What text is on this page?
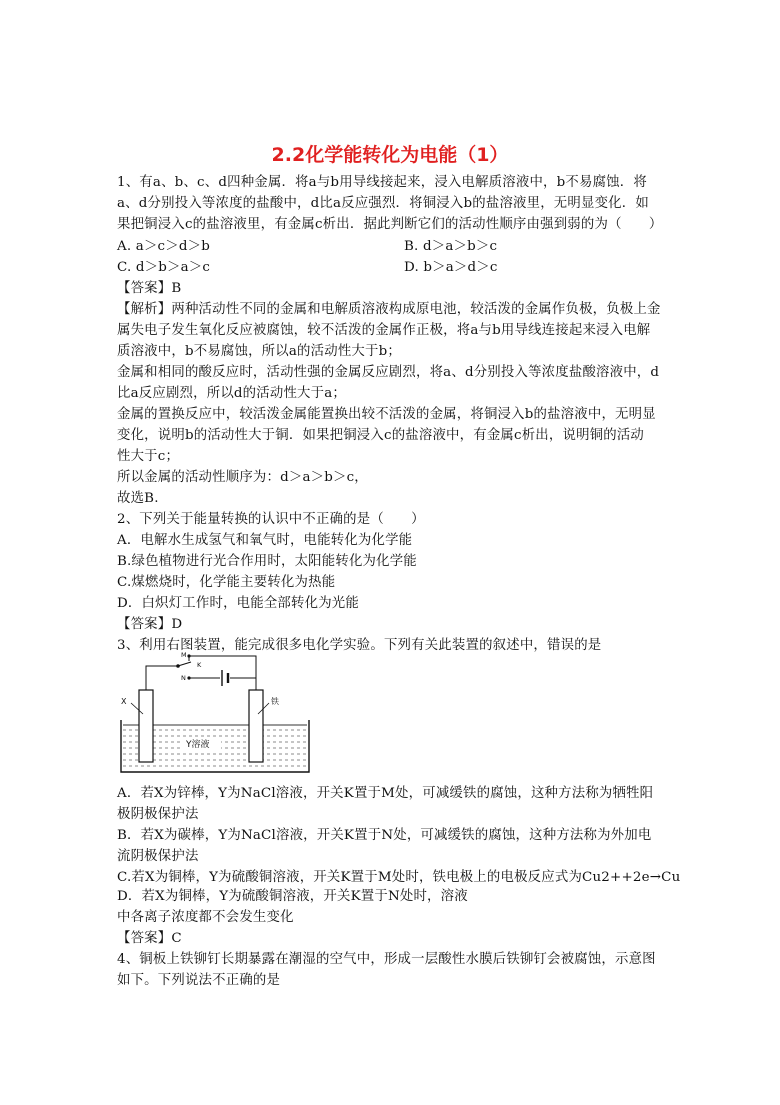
2.2化学能转化为电能（1）
1、有a、b、c、d四种金属．将a与b用导线接起来，浸入电解质溶液中，b不易腐蚀．将
a、d分别投入等浓度的盐酸中，d比a反应强烈．将铜浸入b的盐溶液里，无明显变化．如
果把铜浸入c的盐溶液里，有金属c析出．据此判断它们的活动性顺序由强到弱的为（　　）
A. a＞c＞d＞b	B. d＞a＞b＞c
C. d＞b＞a＞c	D. b＞a＞d＞c
【答案】B
【解析】两种活动性不同的金属和电解质溶液构成原电池，较活泼的金属作负极，负极上金
属失电子发生氧化反应被腐蚀，较不活泼的金属作正极，将a与b用导线连接起来浸入电解
质溶液中，b不易腐蚀，所以a的活动性大于b；
金属和相同的酸反应时，活动性强的金属反应剧烈，将a、d分别投入等浓度盐酸溶液中，d
比a反应剧烈，所以d的活动性大于a；
金属的置换反应中，较活泼金属能置换出较不活泼的金属，将铜浸入b的盐溶液中，无明显
变化，说明b的活动性大于铜．如果把铜浸入c的盐溶液中，有金属c析出，说明铜的活动
性大于c；
所以金属的活动性顺序为：d＞a＞b＞c，
故选B.
2、下列关于能量转换的认识中不正确的是（　　）
A．电解水生成氢气和氧气时，电能转化为化学能
B.绿色植物进行光合作用时，太阳能转化为化学能
C.煤燃烧时，化学能主要转化为热能
D．白炽灯工作时，电能全部转化为光能
【答案】D
3、利用右图装置，能完成很多电化学实验。下列有关此装置的叙述中，错误的是
M
K
N
X	铁
Y溶液
A．若X为锌棒，Y为NaCl溶液，开关K置于M处，可减缓铁的腐蚀，这种方法称为牺牲阳
极阴极保护法
B．若X为碳棒，Y为NaCl溶液，开关K置于N处，可减缓铁的腐蚀，这种方法称为外加电
流阴极保护法
C.若X为铜棒，Y为硫酸铜溶液，开关K置于M处时，铁电极上的电极反应式为Cu2++2e→Cu
D．若X为铜棒，Y为硫酸铜溶液，开关K置于N处时，溶液
中各离子浓度都不会发生变化
【答案】C
4、铜板上铁铆钉长期暴露在潮湿的空气中，形成一层酸性水膜后铁铆钉会被腐蚀，示意图
如下。下列说法不正确的是
